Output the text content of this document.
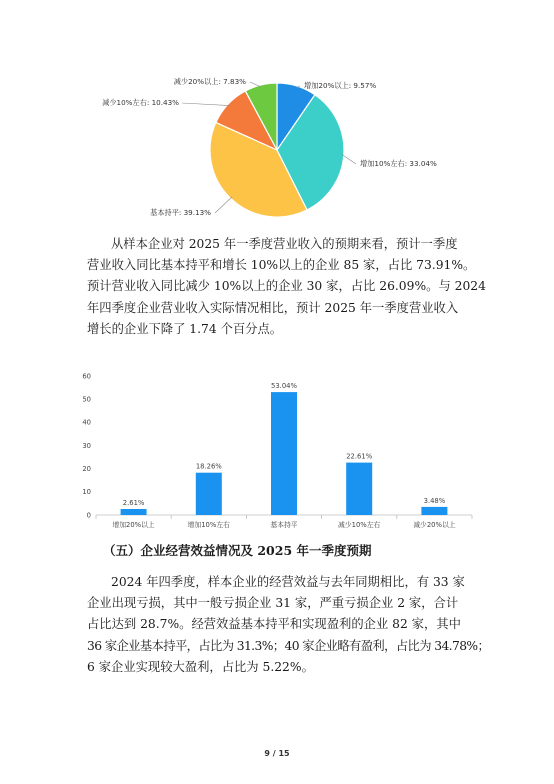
增加20%以上: 9.57%
增加10%左右: 33.04%
基本持平: 39.13%
减少10%左右: 10.43%
减少20%以上: 7.83%

从样本企业对 2025 年一季度营业收入的预期来看，预计一季度
营业收入同比基本持平和增长 10%以上的企业 85 家，占比 73.91%。
预计营业收入同比减少 10%以上的企业 30 家，占比 26.09%。与 2024
年四季度企业营业收入实际情况相比，预计 2025 年一季度营业收入
增长的企业下降了 1.74 个百分点。

0
10
20
30
40
50
60
2.61%
增加20%以上
18.26%
增加10%左右
53.04%
基本持平
22.61%
减少10%左右
3.48%
减少20%以上

（五）企业经营效益情况及 2025 年一季度预期

2024 年四季度，样本企业的经营效益与去年同期相比，有 33 家
企业出现亏损，其中一般亏损企业 31 家，严重亏损企业 2 家，合计
占比达到 28.7%。经营效益基本持平和实现盈利的企业 82 家，其中
36 家企业基本持平，占比为 31.3%；40 家企业略有盈利，占比为 34.78%；
6 家企业实现较大盈利，占比为 5.22%。

9 / 15
